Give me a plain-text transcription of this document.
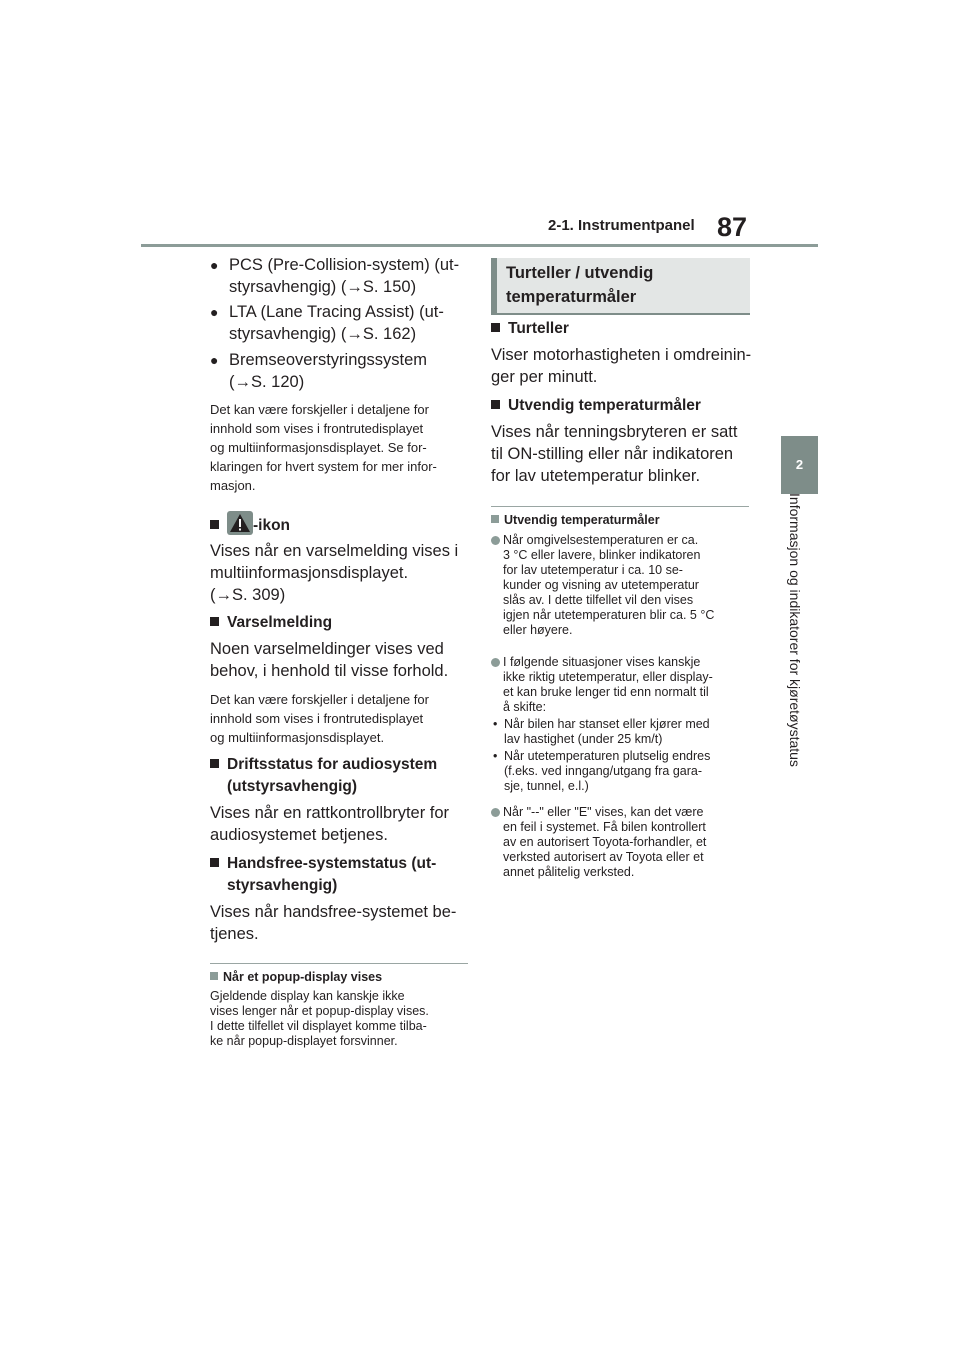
2-1. Instrumentpanel 87
2
Informasjon og indikatorer for kjøretøystatus
● PCS (Pre-Collision-system) (ut-
styrsavhengig) (→S. 150)
● LTA (Lane Tracing Assist) (ut-
styrsavhengig) (→S. 162)
● Bremseoverstyringssystem
(→S. 120)
Det kan være forskjeller i detaljene for
innhold som vises i frontrutedisplayet
og multiinformasjonsdisplayet. Se for-
klaringen for hvert system for mer infor-
masjon.
-ikon
Vises når en varselmelding vises i
multiinformasjonsdisplayet.
(→S. 309)
Varselmelding
Noen varselmeldinger vises ved
behov, i henhold til visse forhold.
Det kan være forskjeller i detaljene for
innhold som vises i frontrutedisplayet
og multiinformasjonsdisplayet.
Driftsstatus for audiosystem
(utstyrsavhengig)
Vises når en rattkontrollbryter for
audiosystemet betjenes.
Handsfree-systemstatus (ut-
styrsavhengig)
Vises når handsfree-systemet be-
tjenes.
Når et popup-display vises
Gjeldende display kan kanskje ikke
vises lenger når et popup-display vises.
I dette tilfellet vil displayet komme tilba-
ke når popup-displayet forsvinner.
Turteller / utvendig
temperaturmåler
Turteller
Viser motorhastigheten i omdreinin-
ger per minutt.
Utvendig temperaturmåler
Vises når tenningsbryteren er satt
til ON-stilling eller når indikatoren
for lav utetemperatur blinker.
Utvendig temperaturmåler
Når omgivelsestemperaturen er ca.
3 °C eller lavere, blinker indikatoren
for lav utetemperatur i ca. 10 se-
kunder og visning av utetemperatur
slås av. I dette tilfellet vil den vises
igjen når utetemperaturen blir ca. 5 °C
eller høyere.
I følgende situasjoner vises kanskje
ikke riktig utetemperatur, eller display-
et kan bruke lenger tid enn normalt til
å skifte:
• Når bilen har stanset eller kjører med
lav hastighet (under 25 km/t)
• Når utetemperaturen plutselig endres
(f.eks. ved inngang/utgang fra gara-
sje, tunnel, e.l.)
Når "--" eller "E" vises, kan det være
en feil i systemet. Få bilen kontrollert
av en autorisert Toyota-forhandler, et
verksted autorisert av Toyota eller et
annet pålitelig verksted.
